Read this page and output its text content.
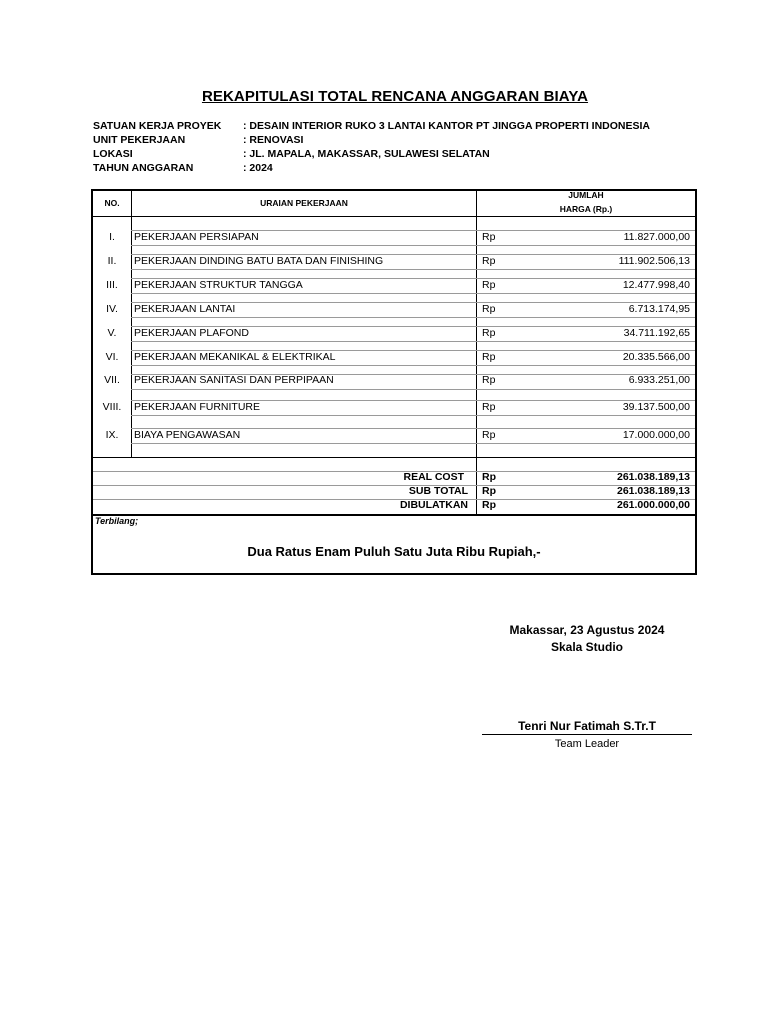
REKAPITULASI TOTAL RENCANA ANGGARAN BIAYA
SATUAN KERJA PROYEK : DESAIN INTERIOR RUKO 3 LANTAI KANTOR PT JINGGA PROPERTI INDONESIA
UNIT PEKERJAAN	: RENOVASI
LOKASI	: JL. MAPALA, MAKASSAR, SULAWESI SELATAN
TAHUN ANGGARAN	: 2024
NO.	URAIAN PEKERJAAN
JUMLAH
HARGA (Rp.)
I.	PEKERJAAN PERSIAPAN	Rp	11.827.000,00
II.	PEKERJAAN DINDING BATU BATA DAN FINISHING	Rp	111.902.506,13
III.	PEKERJAAN STRUKTUR TANGGA	Rp	12.477.998,40
IV.	PEKERJAAN LANTAI	Rp	6.713.174,95
V.	PEKERJAAN PLAFOND	Rp	34.711.192,65
VI.	PEKERJAAN MEKANIKAL & ELEKTRIKAL	Rp	20.335.566,00
VII.	PEKERJAAN SANITASI DAN PERPIPAAN	Rp	6.933.251,00
VIII.	PEKERJAAN FURNITURE	Rp	39.137.500,00
IX.	BIAYA PENGAWASAN	Rp	17.000.000,00
REAL COST Rp	261.038.189,13
SUB TOTAL Rp	261.038.189,13
DIBULATKAN Rp	261.000.000,00
Terbilang;
Dua Ratus Enam Puluh Satu Juta Ribu Rupiah,-
Makassar, 23 Agustus 2024
Skala Studio
Tenri Nur Fatimah S.Tr.T
Team Leader
